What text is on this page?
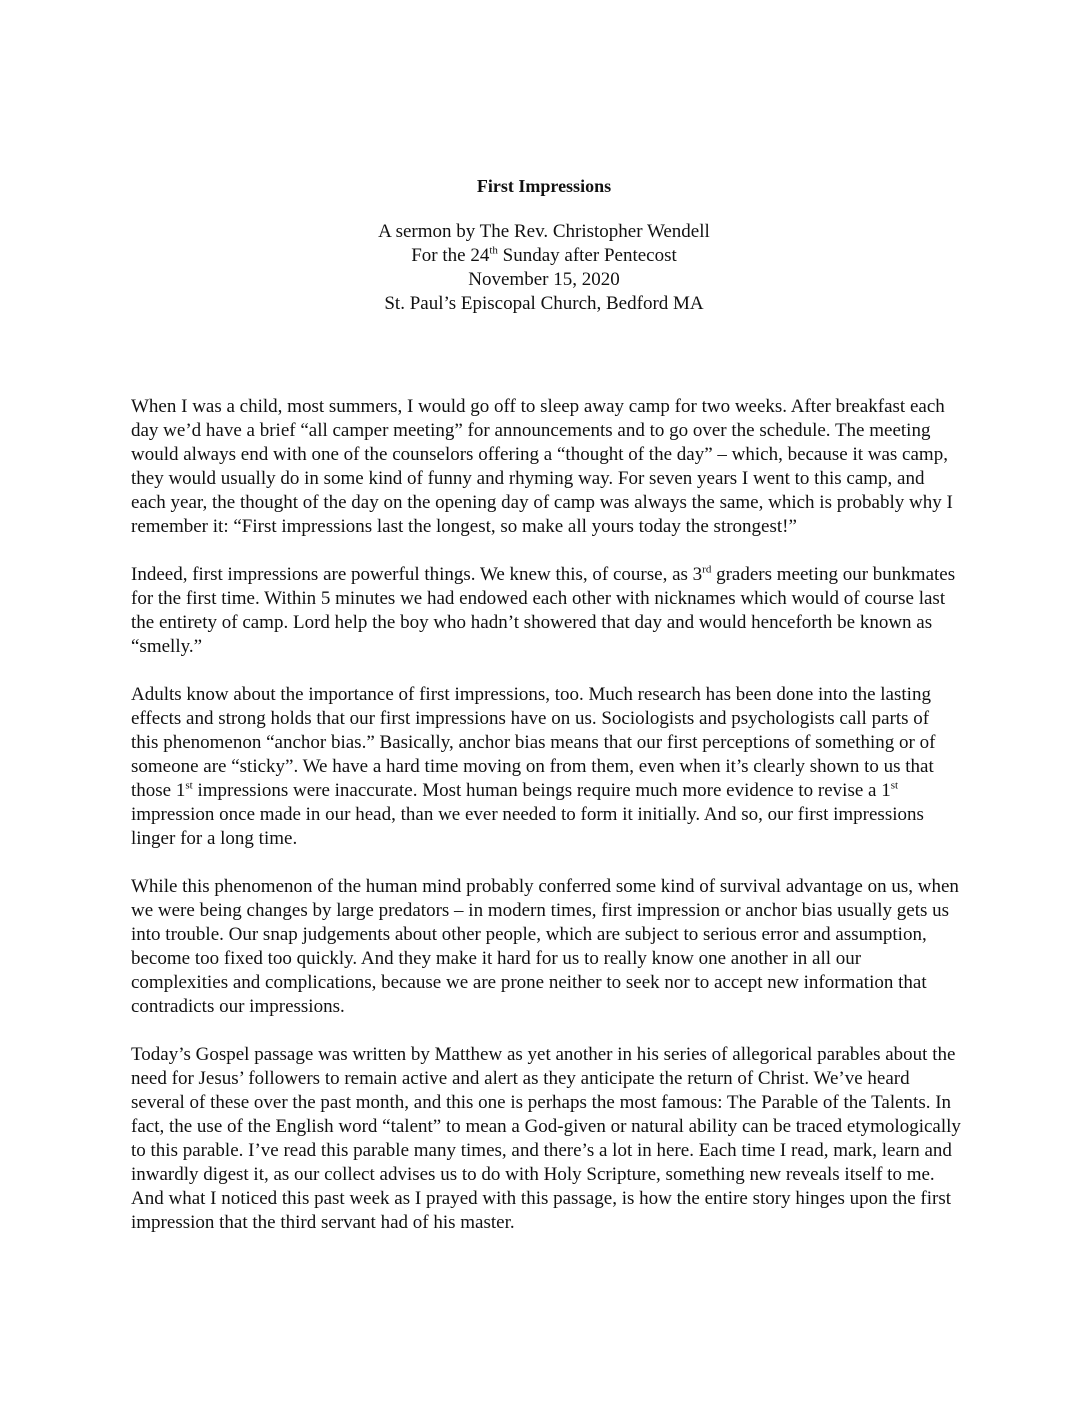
First Impressions

A sermon by The Rev. Christopher Wendell

For the 24th Sunday after Pentecost

November 15, 2020

St. Paul’s Episcopal Church, Bedford MA

When I was a child, most summers, I would go off to sleep away camp for two weeks. After breakfast each day we’d have a brief “all camper meeting” for announcements and to go over the schedule. The meeting would always end with one of the counselors offering a “thought of the day” – which, because it was camp, they would usually do in some kind of funny and rhyming way. For seven years I went to this camp, and each year, the thought of the day on the opening day of camp was always the same, which is probably why I remember it: “First impressions last the longest, so make all yours today the strongest!”

Indeed, first impressions are powerful things. We knew this, of course, as 3rd graders meeting our bunkmates for the first time. Within 5 minutes we had endowed each other with nicknames which would of course last the entirety of camp. Lord help the boy who hadn’t showered that day and would henceforth be known as “smelly.”

Adults know about the importance of first impressions, too. Much research has been done into the lasting effects and strong holds that our first impressions have on us. Sociologists and psychologists call parts of this phenomenon “anchor bias.” Basically, anchor bias means that our first perceptions of something or of someone are “sticky”. We have a hard time moving on from them, even when it’s clearly shown to us that those 1st impressions were inaccurate. Most human beings require much more evidence to revise a 1st impression once made in our head, than we ever needed to form it initially. And so, our first impressions linger for a long time.

While this phenomenon of the human mind probably conferred some kind of survival advantage on us, when we were being changes by large predators – in modern times, first impression or anchor bias usually gets us into trouble. Our snap judgements about other people, which are subject to serious error and assumption, become too fixed too quickly. And they make it hard for us to really know one another in all our complexities and complications, because we are prone neither to seek nor to accept new information that contradicts our impressions.

Today’s Gospel passage was written by Matthew as yet another in his series of allegorical parables about the need for Jesus’ followers to remain active and alert as they anticipate the return of Christ. We’ve heard several of these over the past month, and this one is perhaps the most famous: The Parable of the Talents. In fact, the use of the English word “talent” to mean a God-given or natural ability can be traced etymologically to this parable. I’ve read this parable many times, and there’s a lot in here. Each time I read, mark, learn and inwardly digest it, as our collect advises us to do with Holy Scripture, something new reveals itself to me. And what I noticed this past week as I prayed with this passage, is how the entire story hinges upon the first impression that the third servant had of his master.
